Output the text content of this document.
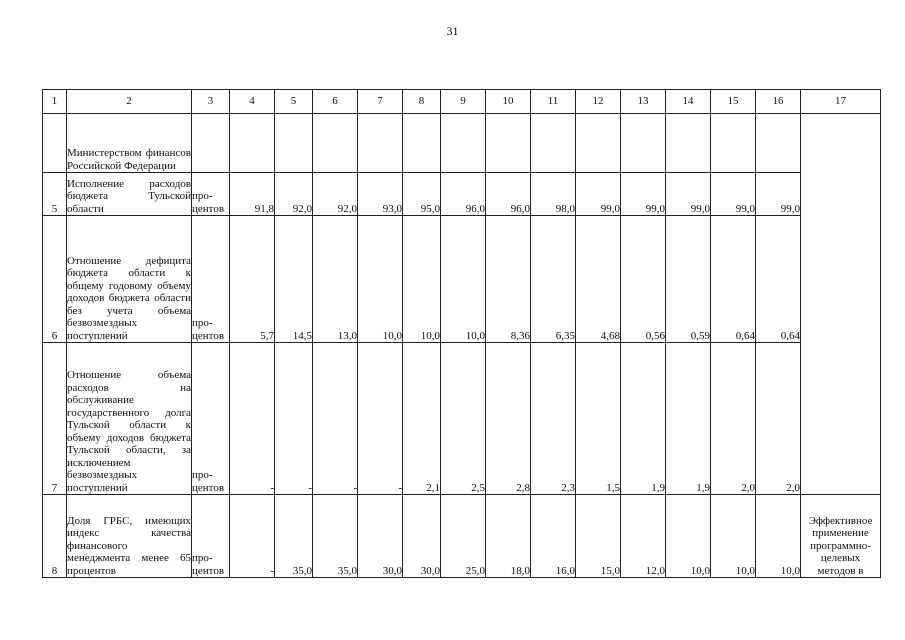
31
1	2	3	4	5	6	7	8	9	10	11	12	13	14	15	16	17
	Министерством финансов Российской Федерации															
5	Исполнение расходов бюджета Тульской области	про-центов	91,8	92,0	92,0	93,0	95,0	96,0	96,0	98,0	99,0	99,0	99,0	99,0	99,0	
6	Отношение дефицита бюджета области к общему годовому объему доходов бюджета области без учета объема безвозмездных поступлений	про-центов	5,7	14,5	13,0	10,0	10,0	10,0	8,36	6,35	4,68	0,56	0,59	0,64	0,64	
7	Отношение объема расходов на обслуживание государственного долга Тульской области к объему доходов бюджета Тульской области, за исключением безвозмездных поступлений	про-центов	-	-	-	-	2,1	2,5	2,8	2,3	1,5	1,9	1,9	2,0	2,0	
8	Доля ГРБС, имеющих индекс качества финансового менеджмента менее 65 процентов	про-центов	-	35,0	35,0	30,0	30,0	25,0	18,0	16,0	15,0	12,0	10,0	10,0	10,0	Эффективное применение программно-целевых методов в
